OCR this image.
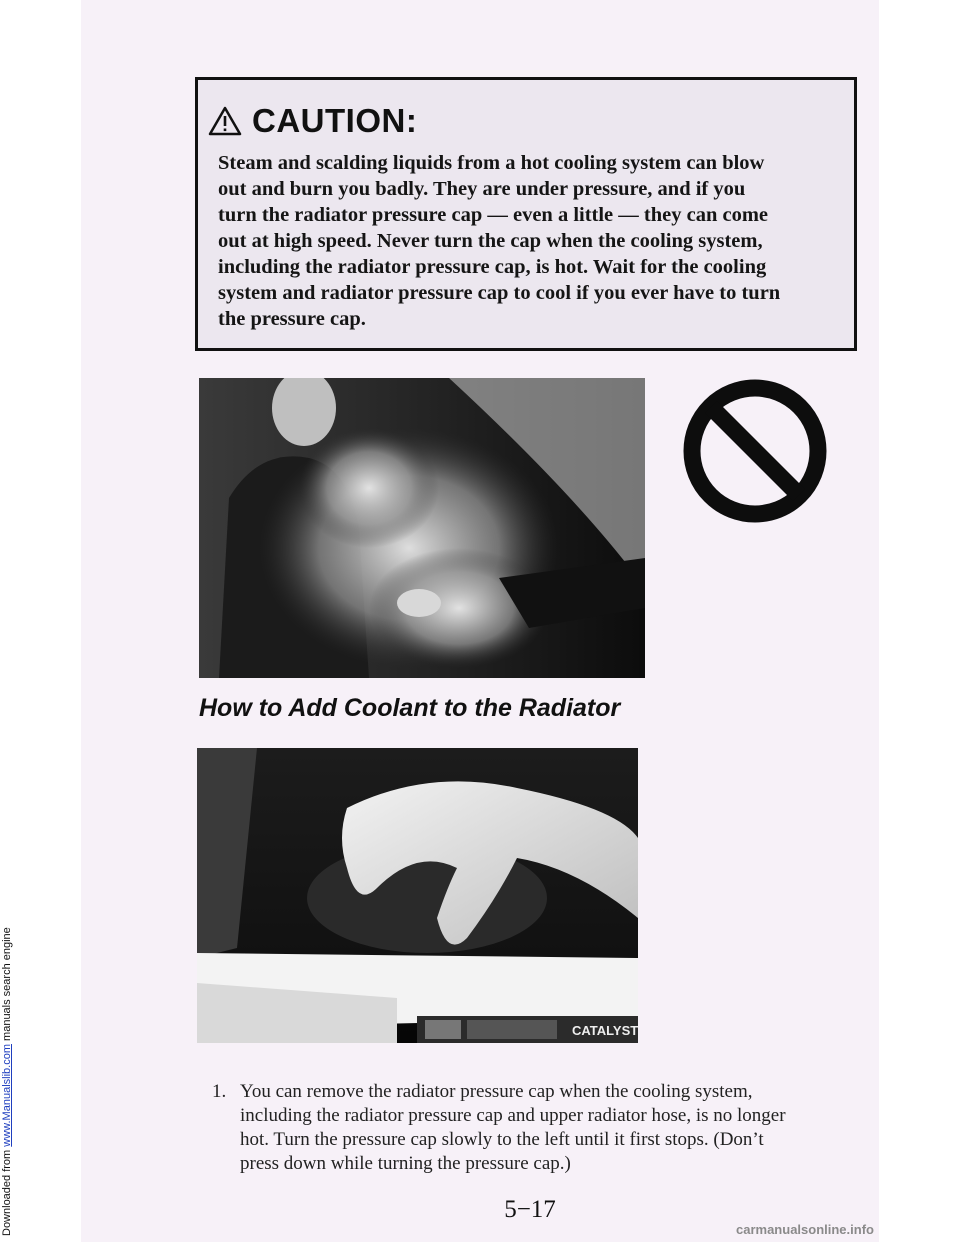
Downloaded from www.Manualslib.com manuals search engine
CAUTION:
Steam and scalding liquids from a hot cooling system can blow
out and burn you badly. They are under pressure, and if you
turn the radiator pressure cap — even a little — they can come
out at high speed. Never turn the cap when the cooling system,
including the radiator pressure cap, is hot. Wait for the cooling
system and radiator pressure cap to cool if you ever have to turn
the pressure cap.
How to Add Coolant to the Radiator
CATALYST
1. You can remove the radiator pressure cap when the cooling system,
including the radiator pressure cap and upper radiator hose, is no longer
hot. Turn the pressure cap slowly to the left until it first stops. (Don’t
press down while turning the pressure cap.)
5−17
carmanualsonline.info
